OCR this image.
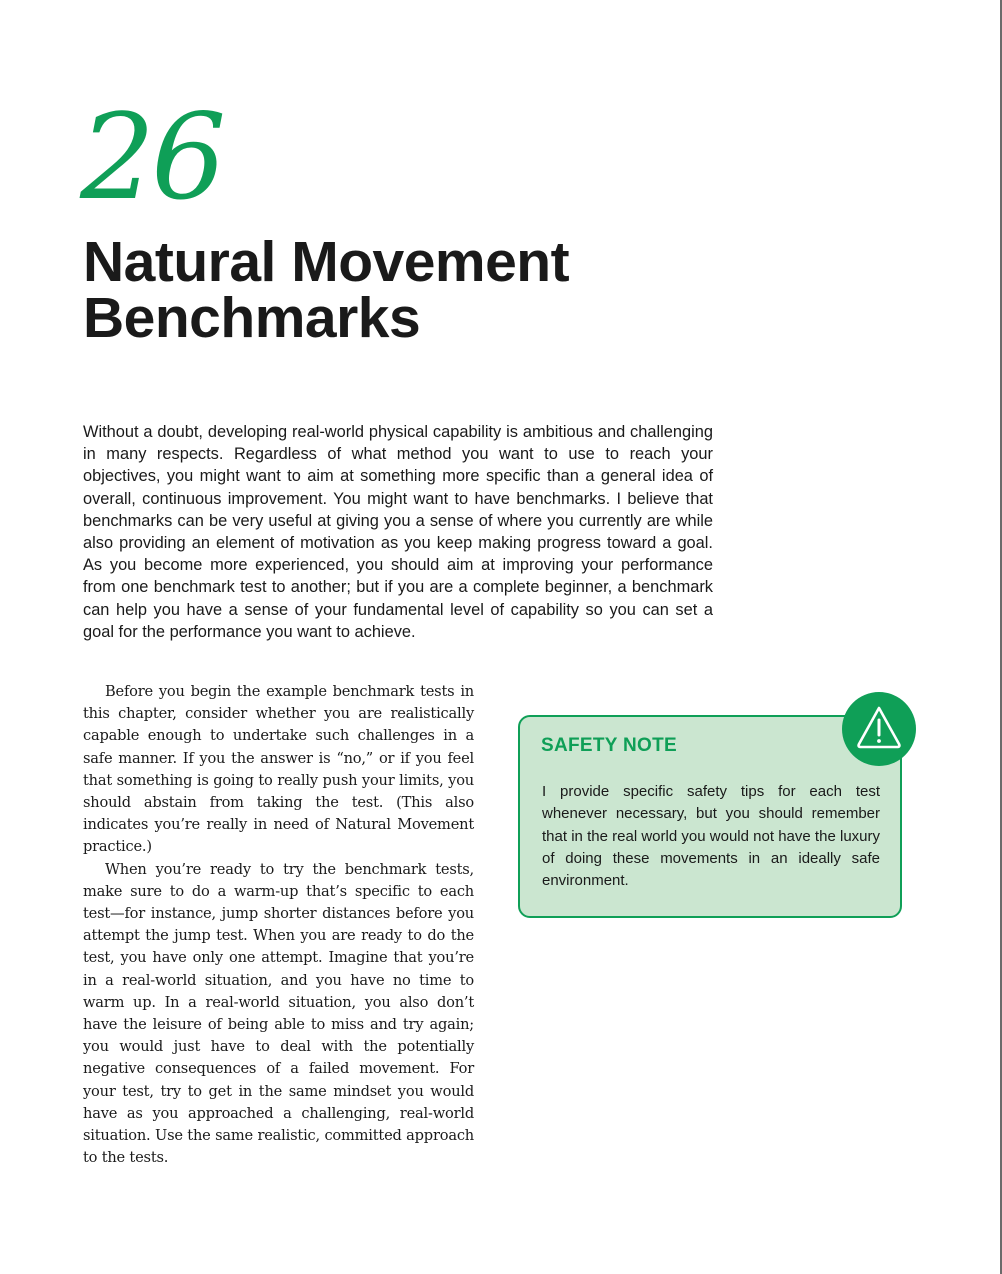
26
Natural Movement
Benchmarks

Without a doubt, developing real-world physical capability is ambitious and challenging in many respects. Regardless of what method you want to use to reach your objectives, you might want to aim at something more specific than a general idea of overall, continuous improvement. You might want to have benchmarks. I believe that benchmarks can be very useful at giving you a sense of where you currently are while also providing an element of motivation as you keep making progress toward a goal. As you become more experienced, you should aim at improving your performance from one benchmark test to another; but if you are a complete beginner, a benchmark can help you have a sense of your fundamental level of capability so you can set a goal for the performance you want to achieve.

Before you begin the example benchmark tests in this chapter, consider whether you are realistically capable enough to undertake such challenges in a safe manner. If you the answer is “no,” or if you feel that something is going to really push your limits, you should abstain from taking the test. (This also indicates you’re really in need of Natural Movement practice.)

When you’re ready to try the benchmark tests, make sure to do a warm-up that’s specific to each test—for instance, jump shorter distances before you attempt the jump test. When you are ready to do the test, you have only one attempt. Imagine that you’re in a real-world situation, and you have no time to warm up. In a real-world situation, you also don’t have the leisure of being able to miss and try again; you would just have to deal with the potentially negative consequences of a failed movement. For your test, try to get in the same mindset you would have as you approached a challenging, real-world situation. Use the same realistic, committed approach to the tests.

SAFETY NOTE

I provide specific safety tips for each test whenever necessary, but you should remember that in the real world you would not have the luxury of doing these movements in an ideally safe environment.
